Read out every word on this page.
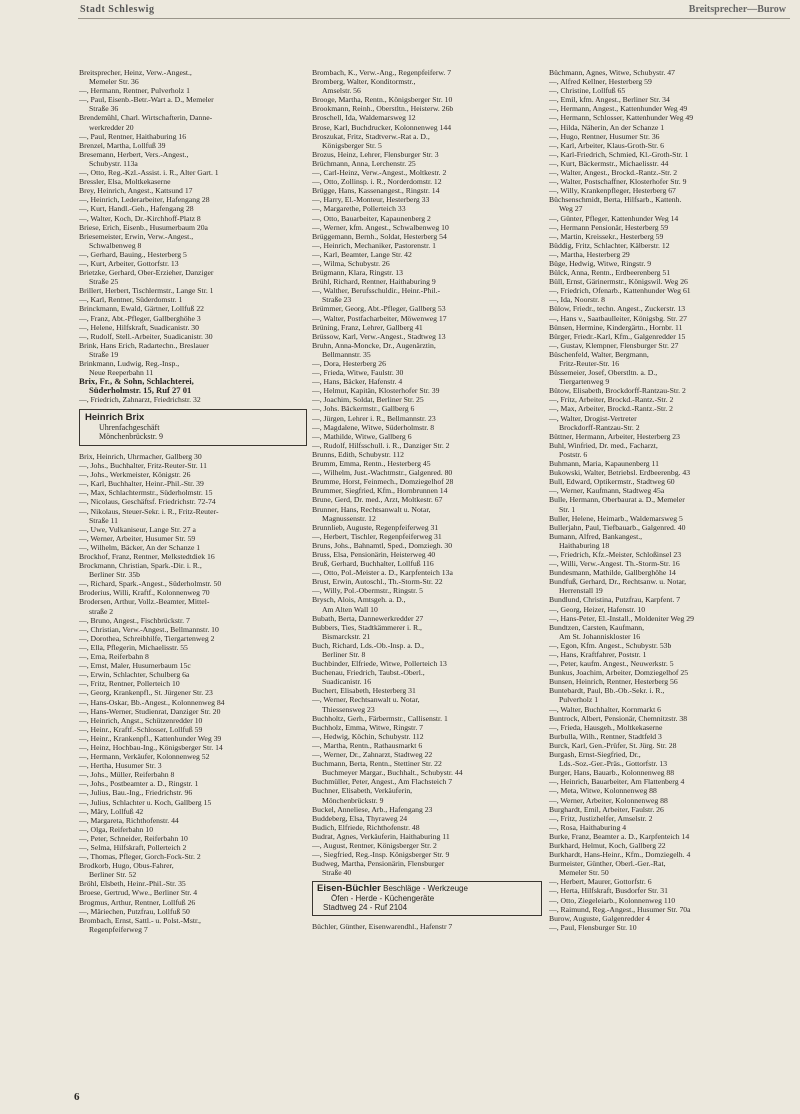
Stadt Schleswig	Breitsprecher—Burow
Breitsprecher, Heinz, Verw.-Angest.,
Memeler Str. 36
—, Hermann, Rentner, Pulverholz 1
—, Paul, Eisenb.-Betr.-Wart a. D., Memeler
Straße 36
Brendemühl, Charl. Wirtschafterin, Danne-
werkredder 20
—, Paul, Rentner, Haithaburing 16
Brenzel, Martha, Lollfuß 39
Bresemann, Herbert, Vers.-Angest.,
Schubystr. 113a
—, Otto, Reg.-Kzl.-Assist. i. R., Alter Gart. 1
Bressler, Elsa, Moltkekaserne
Brey, Heinrich, Angest., Kattsund 17
—, Heinrich, Lederarbeiter, Hafengang 28
—, Kurt, Handl.-Geh., Hafengang 28
—, Walter, Koch, Dr.-Kirchhoff-Platz 8
Briese, Erich, Eisenb., Husumerbaum 20a
Briesemeister, Erwin, Verw.-Angest.,
Schwalbenweg 8
—, Gerhard, Bauing., Hesterberg 5
—, Kurt, Arbeiter, Gottorfstr. 13
Brietzke, Gerhard, Ober-Erzieher, Danziger
Straße 25
Brillert, Herbert, Tischlermstr., Lange Str. 1
—, Karl, Rentner, Süderdomstr. 1
Brinckmann, Ewald, Gärtner, Lollfuß 22
—, Franz, Abt.-Pfleger, Gallberghöhe 3
—, Helene, Hilfskraft, Suadicanistr. 30
—, Rudolf, Stell.-Arbeiter, Suadicanistr. 30
Brink, Hans Erich, Radartechn., Breslauer
Straße 19
Brinkmann, Ludwig, Reg.-Insp.,
Neue Reeperbahn 11
Brix, Fr., & Sohn, Schlachterei,
Süderholmstr. 15, Ruf 27 01
—, Friedrich, Zahnarzt, Friedrichstr. 32
Heinrich Brix
Uhrenfachgeschäft
Mönchenbrückstr. 9
Brix, Heinrich, Uhrmacher, Gallberg 30
—, Johs., Buchhalter, Fritz-Reuter-Str. 11
—, Johs., Werkmeister, Königstr. 26
—, Karl, Buchhalter, Heinr.-Phil.-Str. 39
—, Max, Schlachtermstr., Süderholmstr. 15
—, Nicolaus, Geschäftsf. Friedrichstr. 72-74
—, Nikolaus, Steuer-Sekr. i. R., Fritz-Reuter-
Straße 11
—, Uwe, Vulkaniseur, Lange Str. 27 a
—, Werner, Arbeiter, Husumer Str. 59
—, Wilhelm, Bäcker, An der Schanze 1
Brockhof, Franz, Rentner, Melkstedtdiek 16
Brockmann, Christian, Spark.-Dir. i. R.,
Berliner Str. 35b
—, Richard, Spark.-Angest., Süderholmstr. 50
Broderius, Willi, Kraftf., Kolonnenweg 70
Brodersen, Arthur, Vollz.-Beamter, Mittel-
straße 2
—, Bruno, Angest., Fischbrückstr. 7
—, Christian, Verw.-Angest., Bellmannstr. 10
—, Dorothea, Schreibhilfe, Tiergartenweg 2
—, Ella, Pflegerin, Michaelisstr. 55
—, Erna, Reiferbahn 8
—, Ernst, Maler, Husumerbaum 15c
—, Erwin, Schlachter, Schulberg 6a
—, Fritz, Rentner, Pollerteich 10
—, Georg, Krankenpfl., St. Jürgener Str. 23
—, Hans-Oskar, Bb.-Angest., Kolonnenweg 84
—, Hans-Werner, Studienrat, Danziger Str. 20
—, Heinrich, Angst., Schützenredder 10
—, Heinr., Kraftf.-Schlosser, Lollfuß 59
—, Heinr., Krankenpfl., Kattenhunder Weg 39
—, Heinz, Hochbau-Ing., Königsberger Str. 14
—, Hermann, Verkäufer, Kolonnenweg 52
—, Hertha, Husumer Str. 3
—, Johs., Müller, Reiferbahn 8
—, Johs., Postbeamter a. D., Ringstr. 1
—, Julius, Bau.-Ing., Friedrichstr. 96
—, Julius, Schlachter u. Koch, Gallberg 15
—, Märy, Lollfuß 42
—, Margareta, Richthofenstr. 44
—, Olga, Reiferbahn 10
—, Peter, Schneider, Reiferbahn 10
—, Selma, Hilfskraft, Pollerteich 2
—, Thomas, Pfleger, Gorch-Fock-Str. 2
Brodkorb, Hugo, Obus-Fahrer,
Berliner Str. 52
Bröhl, Elsbeth, Heinr.-Phil.-Str. 35
Broese, Gertrud, Wwe., Berliner Str. 4
Brogmus, Arthur, Rentner, Lollfuß 26
—, Märiechen, Putzfrau, Lollfuß 50
Brombach, Ernst, Sattl.- u. Polst.-Mstr.,
Regenpfeiferweg 7
Brombach, K., Verw.-Ang., Regenpfeiferw. 7
Bromberg, Walter, Konditormstr.,
Amselstr. 56
Brooge, Martha, Rentn., Königsberger Str. 10
Brookmann, Reinh., Oberstltn., Heisterw. 26b
Broschell, Ida, Waldemarsweg 12
Brose, Karl, Buchdrucker, Kolonnenweg 144
Broszukat, Fritz, Stadtverw.-Rat a. D.,
Königsberger Str. 5
Brozus, Heinz, Lehrer, Flensburger Str. 3
Brüchmann, Anna, Lerchenstr. 25
—, Carl-Heinz, Verw.-Angest., Moltkestr. 2
—, Otto, Zollinsp. i. R., Norderdomstr. 12
Brügge, Hans, Kassenangest., Ringstr. 14
—, Harry, El.-Monteur, Hesterberg 33
—, Margarethe, Pollerteich 33
—, Otto, Bauarbeiter, Kapaunenberg 2
—, Werner, kfm. Angest., Schwalbenweg 10
Brüggemann, Bernh., Soldat, Hesterberg 54
—, Heinrich, Mechaniker, Pastorenstr. 1
—, Karl, Beamter, Lange Str. 42
—, Wilma, Schubystr. 26
Brügmann, Klara, Ringstr. 13
Brühl, Richard, Rentner, Haithaburing 9
—, Walther, Berufsschuldir., Heinr.-Phil.-
Straße 23
Brümmer, Georg, Abt.-Pfleger, Gallberg 53
—, Walter, Postfacharbeiter, Möwenweg 17
Brüning, Franz, Lehrer, Gallberg 41
Brüssow, Karl, Verw.-Angest., Stadtweg 13
Bruhn, Anna-Moncke, Dr., Augenärztin,
Bellmannstr. 35
—, Dora, Hesterberg 26
—, Frieda, Witwe, Faulstr. 30
—, Hans, Bäcker, Hafenstr. 4
—, Helmut, Kapitän, Klosterhofer Str. 39
—, Joachim, Soldat, Berliner Str. 25
—, Johs. Bäckermstr., Gallberg 6
—, Jürgen, Lehrer i. R., Bellmannstr. 23
—, Magdalene, Witwe, Süderholmstr. 8
—, Mathilde, Witwe, Gallberg 6
—, Rudolf, Hilfsschull. i. R., Danziger Str. 2
Brunns, Edith, Schubystr. 112
Brumm, Emma, Rentn., Hesterberg 45
—, Wilhelm, Just.-Wachtmstr., Galgenred. 80
Brumme, Horst, Feinmech., Domziegelhof 28
Brummer, Siegfried, Kfm., Hornbrunnen 14
Brune, Gerd, Dr. med., Arzt, Moltkestr. 67
Brunner, Hans, Rechtsanwalt u. Notar,
Magnussenstr. 12
Brunnlieb, Auguste, Regenpfeiferweg 31
—, Herbert, Tischler, Regenpfeiferweg 31
Bruns, Johs., Bahnamtl, Sped., Domziegh. 30
Bruss, Elsa, Pensionärin, Heisterweg 40
Bruß, Gerhard, Buchhalter, Lollfuß 116
—, Otto, Pol.-Meister a. D., Karpfenteich 13a
Brust, Erwin, Autoschl., Th.-Storm-Str. 22
—, Willy, Pol.-Obermstr., Ringstr. 5
Brysch, Alois, Amtsgeh. a. D.,
Am Alten Wall 10
Bubath, Berta, Dannewerkredder 27
Bubbers, Ties, Stadtkämmerer i. R.,
Bismarckstr. 21
Buch, Richard, Lds.-Ob.-Insp. a. D.,
Berliner Str. 8
Buchbinder, Elfriede, Witwe, Pollerteich 13
Buchenau, Friedrich, Taubst.-Oberl.,
Suadicanistr. 16
Buchert, Elisabeth, Hesterberg 31
—, Werner, Rechtsanwalt u. Notar,
Thiessensweg 23
Buchholtz, Gerh., Färbermstr., Callisenstr. 1
Buchholz, Emma, Witwe, Ringstr. 7
—, Hedwig, Köchin, Schubystr. 112
—, Martha, Rentn., Rathausmarkt 6
—, Werner, Dr., Zahnarzt, Stadtweg 22
Buchmann, Berta, Rentn., Stettiner Str. 22
Buchmeyer Margar., Buchhalt., Schubystr. 44
Buchmüller, Peter, Angest., Am Flachsteich 7
Buchner, Elisabeth, Verkäuferin,
Mönchenbrückstr. 9
Buckel, Anneliese, Arb., Hafengang 23
Buddeberg, Elsa, Thyraweg 24
Budich, Elfriede, Richthofenstr. 48
Budrat, Agnes, Verkäuferin, Haithaburing 11
—, August, Rentner, Königsberger Str. 2
—, Siegfried, Reg.-Insp. Königsberger Str. 9
Budweg, Martha, Pensionärin, Flensburger
Straße 40
Eisen-Büchler Beschläge - Werkzeuge
Öfen - Herde - Küchengeräte
Stadtweg 24 - Ruf 2104
Büchler, Günther, Eisenwarendhl., Hafenstr 7
Büchmann, Agnes, Witwe, Schubystr. 47
—, Alfred Kellner, Hesterberg 59
—, Christine, Lollfuß 65
—, Emil, kfm. Angest., Berliner Str. 34
—, Hermann, Angest., Kattenhunder Weg 49
—, Hermann, Schlosser, Kattenhunder Weg 49
—, Hilda, Näherin, An der Schanze 1
—, Hugo, Rentner, Husumer Str. 36
—, Karl, Arbeiter, Klaus-Groth-Str. 6
—, Karl-Friedrich, Schmied, Kl.-Groth-Str. 1
—, Kurt, Bäckermstr., Michaelisstr. 44
—, Walter, Angest., Brockd.-Rantz.-Str. 2
—, Walter, Postschaffner, Klosterhofer Str. 9
—, Willy, Krankenpfleger, Hesterberg 67
Büchsenschmidt, Berta, Hilfsarb., Kattenh.
Weg 27
—, Günter, Pfleger, Kattenhunder Weg 14
—, Hermann Pensionär, Hesterberg 59
—, Martin, Kreissekr., Hesterberg 59
Büddig, Fritz, Schlachter, Kälberstr. 12
—, Martha, Hesterberg 29
Büge, Hedwig, Witwe, Ringstr. 9
Bülck, Anna, Rentn., Erdbeerenberg 51
Büll, Ernst, Gärinermstr., Königswil. Weg 26
—, Friedrich, Ofenarb., Kattenhunder Weg 61
—, Ida, Noorstr. 8
Bülow, Friedr., techn. Angest., Zuckerstr. 13
—, Hans v., Saatbaulleiter, Königsbg. Str. 27
Bünsen, Hermine, Kindergärtn., Hornbr. 11
Bürger, Friedr.-Karl, Kfm., Galgenredder 15
—, Gustav, Klempner, Flensburger Str. 27
Büschenfeld, Walter, Bergmann,
Fritz-Reuter-Str. 16
Büssemeier, Josef, Oberstltn. a. D.,
Tiergartenweg 9
Bütow, Elisabeth, Brockdorff-Rantzau-Str. 2
—, Fritz, Arbeiter, Brockd.-Rantz.-Str. 2
—, Max, Arbeiter, Brockd.-Rantz.-Str. 2
—, Walter, Drogist-Vertreter
Brockdorff-Rantzau-Str. 2
Büttner, Hermann, Arbeiter, Hesterberg 23
Buhl, Winfried, Dr. med., Facharzt,
Poststr. 6
Buhmann, Maria, Kapaunenberg 11
Bukowski, Walter, Betriebsl. Erdbeerenbg. 43
Bull, Edward, Optikermstr., Stadtweg 60
—, Werner, Kaufmann, Stadtweg 45a
Bulle, Hermann, Oberbaurat a. D., Memeler
Str. 1
Buller, Helene, Heimarb., Waldemarsweg 5
Bullerjahn, Paul, Tiefbauarb., Galgenred. 40
Bumann, Alfred, Bankangest.,
Haithaburing 18
—, Friedrich, Kfz.-Meister, Schloßinsel 23
—, Willi, Verw.-Angest. Th.-Storm-Str. 16
Bundesmann, Mathilde, Gallberghöhe 14
Bundfuß, Gerhard, Dr., Rechtsanw. u. Notar,
Herrenstall 19
Bundlund, Christina, Putzfrau, Karpfent. 7
—, Georg, Heizer, Hafenstr. 10
—, Hans-Peter, El.-Install., Moldeniter Weg 29
Bundtzen, Carsten, Kaufmann,
Am St. Johanniskloster 16
—, Egon, Kfm. Angest., Schubystr. 53b
—, Hans, Kraftfahrer, Poststr. 1
—, Peter, kaufm. Angest., Neuwerkstr. 5
Bunkus, Joachim, Arbeiter, Domziegelhof 25
Bunsen, Heinrich, Rentner, Hesterberg 56
Buntebardt, Paul, Bb.-Ob.-Sekr. i. R.,
Pulverholz 1
—, Walter, Buchhalter, Kornmarkt 6
Buntrock, Albert, Pensionär, Chemnitzstr. 38
—, Frieda, Hausgeh., Moltkekaserne
Burbulla, Wilh., Rentner, Stadtfeld 3
Burck, Karl, Gen.-Prüfer, St. Jürg. Str. 28
Burgash, Ernst-Siegfried, Dr.,
Lds.-Soz.-Ger.-Präs., Gottorfstr. 13
Burger, Hans, Bauarb., Kolonnenweg 88
—, Heinrich, Bauarbeiter, Am Flattenberg 4
—, Meta, Witwe, Kolonnenweg 88
—, Werner, Arbeiter, Kolonnenweg 88
Burghardt, Emil, Arbeiter, Faulstr. 26
—, Fritz, Justizhelfer, Amselstr. 2
—, Rosa, Haithaburing 4
Burke, Franz, Beamter a. D., Karpfenteich 14
Burkhard, Helmut, Koch, Gallberg 22
Burkhardt, Hans-Heinr., Kfm., Domziegelh. 4
Burmeister, Günther, Oberl.-Ger.-Rat,
Memeler Str. 50
—, Herbert, Maurer, Gottorfstr. 6
—, Herta, Hilfskraft, Busdorfer Str. 31
—, Otto, Ziegeleiarb., Kolonnenweg 110
—, Raimund, Reg.-Angest., Husumer Str. 70a
Burow, Auguste, Galgenredder 4
—, Paul, Flensburger Str. 10
6
